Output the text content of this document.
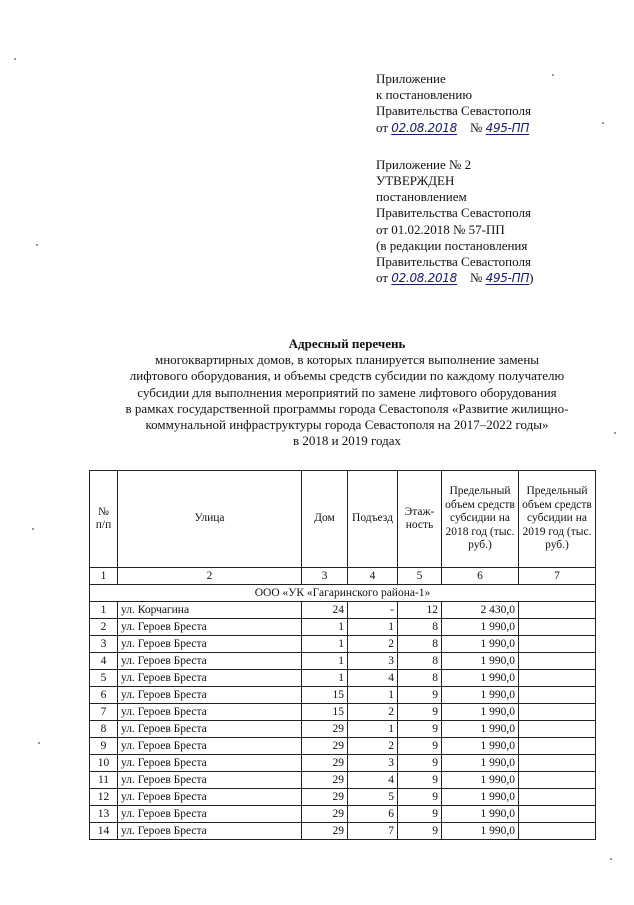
Приложение
к постановлению
Правительства Севастополя
от 02.08.2018 № 495-ПП
Приложение № 2
УТВЕРЖДЕН
постановлением
Правительства Севастополя
от 01.02.2018 № 57-ПП
(в редакции постановления
Правительства Севастополя
от 02.08.2018 № 495-ПП)
Адресный перечень
многоквартирных домов, в которых планируется выполнение замены
лифтового оборудования, и объемы средств субсидии по каждому получателю
субсидии для выполнения мероприятий по замене лифтового оборудования
в рамках государственной программы города Севастополя «Развитие жилищно-
коммунальной инфраструктуры города Севастополя на 2017–2022 годы»
в 2018 и 2019 годах
№ п/п	Улица	Дом	Подъезд	Этаж-ность	Предельный объем средств субсидии на 2018 год (тыс. руб.)	Предельный объем средств субсидии на 2019 год (тыс. руб.)
1	2	3	4	5	6	7
ООО «УК «Гагаринского района-1»						
1	ул. Корчагина	24	-	12	2 430,0	
2	ул. Героев Бреста	1	1	8	1 990,0	
3	ул. Героев Бреста	1	2	8	1 990,0	
4	ул. Героев Бреста	1	3	8	1 990,0	
5	ул. Героев Бреста	1	4	8	1 990,0	
6	ул. Героев Бреста	15	1	9	1 990,0	
7	ул. Героев Бреста	15	2	9	1 990,0	
8	ул. Героев Бреста	29	1	9	1 990,0	
9	ул. Героев Бреста	29	2	9	1 990,0	
10	ул. Героев Бреста	29	3	9	1 990,0	
11	ул. Героев Бреста	29	4	9	1 990,0	
12	ул. Героев Бреста	29	5	9	1 990,0	
13	ул. Героев Бреста	29	6	9	1 990,0	
14	ул. Героев Бреста	29	7	9	1 990,0	
